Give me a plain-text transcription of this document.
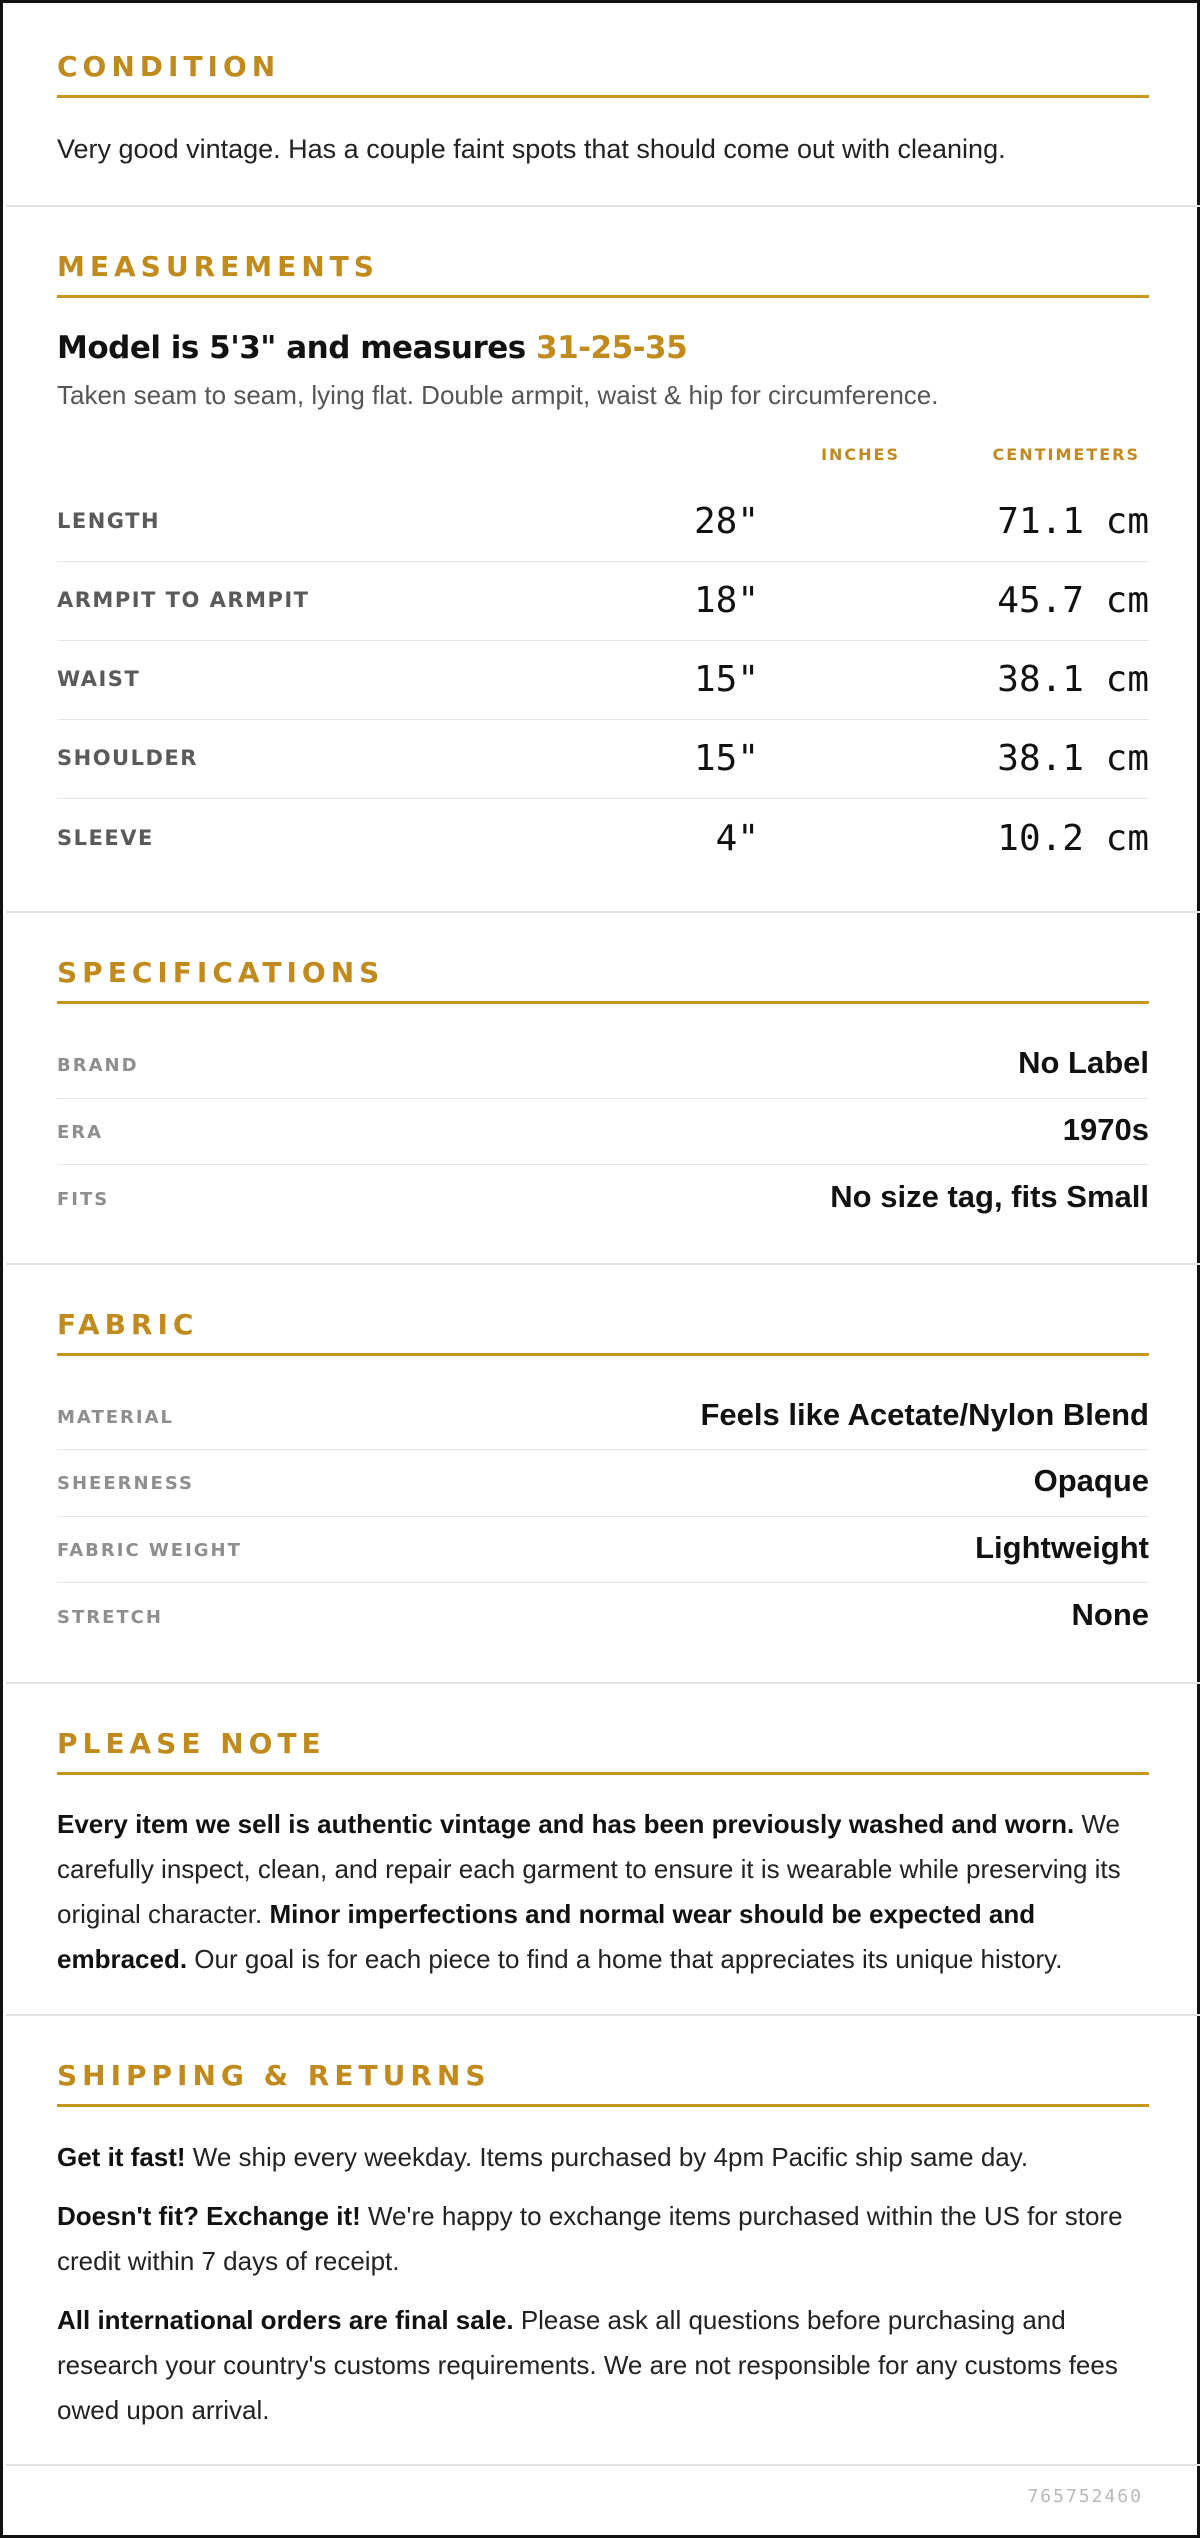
CONDITION
Very good vintage. Has a couple faint spots that should come out with cleaning.
MEASUREMENTS
Model is 5'3" and measures 31-25-35
Taken seam to seam, lying flat. Double armpit, waist & hip for circumference.
INCHES	CENTIMETERS
LENGTH	28"	71.1 cm
ARMPIT TO ARMPIT	18"	45.7 cm
WAIST	15"	38.1 cm
SHOULDER	15"	38.1 cm
SLEEVE	4"	10.2 cm
SPECIFICATIONS
BRAND	No Label
ERA	1970s
FITS	No size tag, fits Small
FABRIC
MATERIAL	Feels like Acetate/Nylon Blend
SHEERNESS	Opaque
FABRIC WEIGHT	Lightweight
STRETCH	None
PLEASE NOTE
Every item we sell is authentic vintage and has been previously washed and worn. We carefully inspect, clean, and repair each garment to ensure it is wearable while preserving its original character. Minor imperfections and normal wear should be expected and embraced. Our goal is for each piece to find a home that appreciates its unique history.
SHIPPING & RETURNS
Get it fast! We ship every weekday. Items purchased by 4pm Pacific ship same day.
Doesn't fit? Exchange it! We're happy to exchange items purchased within the US for store credit within 7 days of receipt.
All international orders are final sale. Please ask all questions before purchasing and research your country's customs requirements. We are not responsible for any customs fees owed upon arrival.
765752460
